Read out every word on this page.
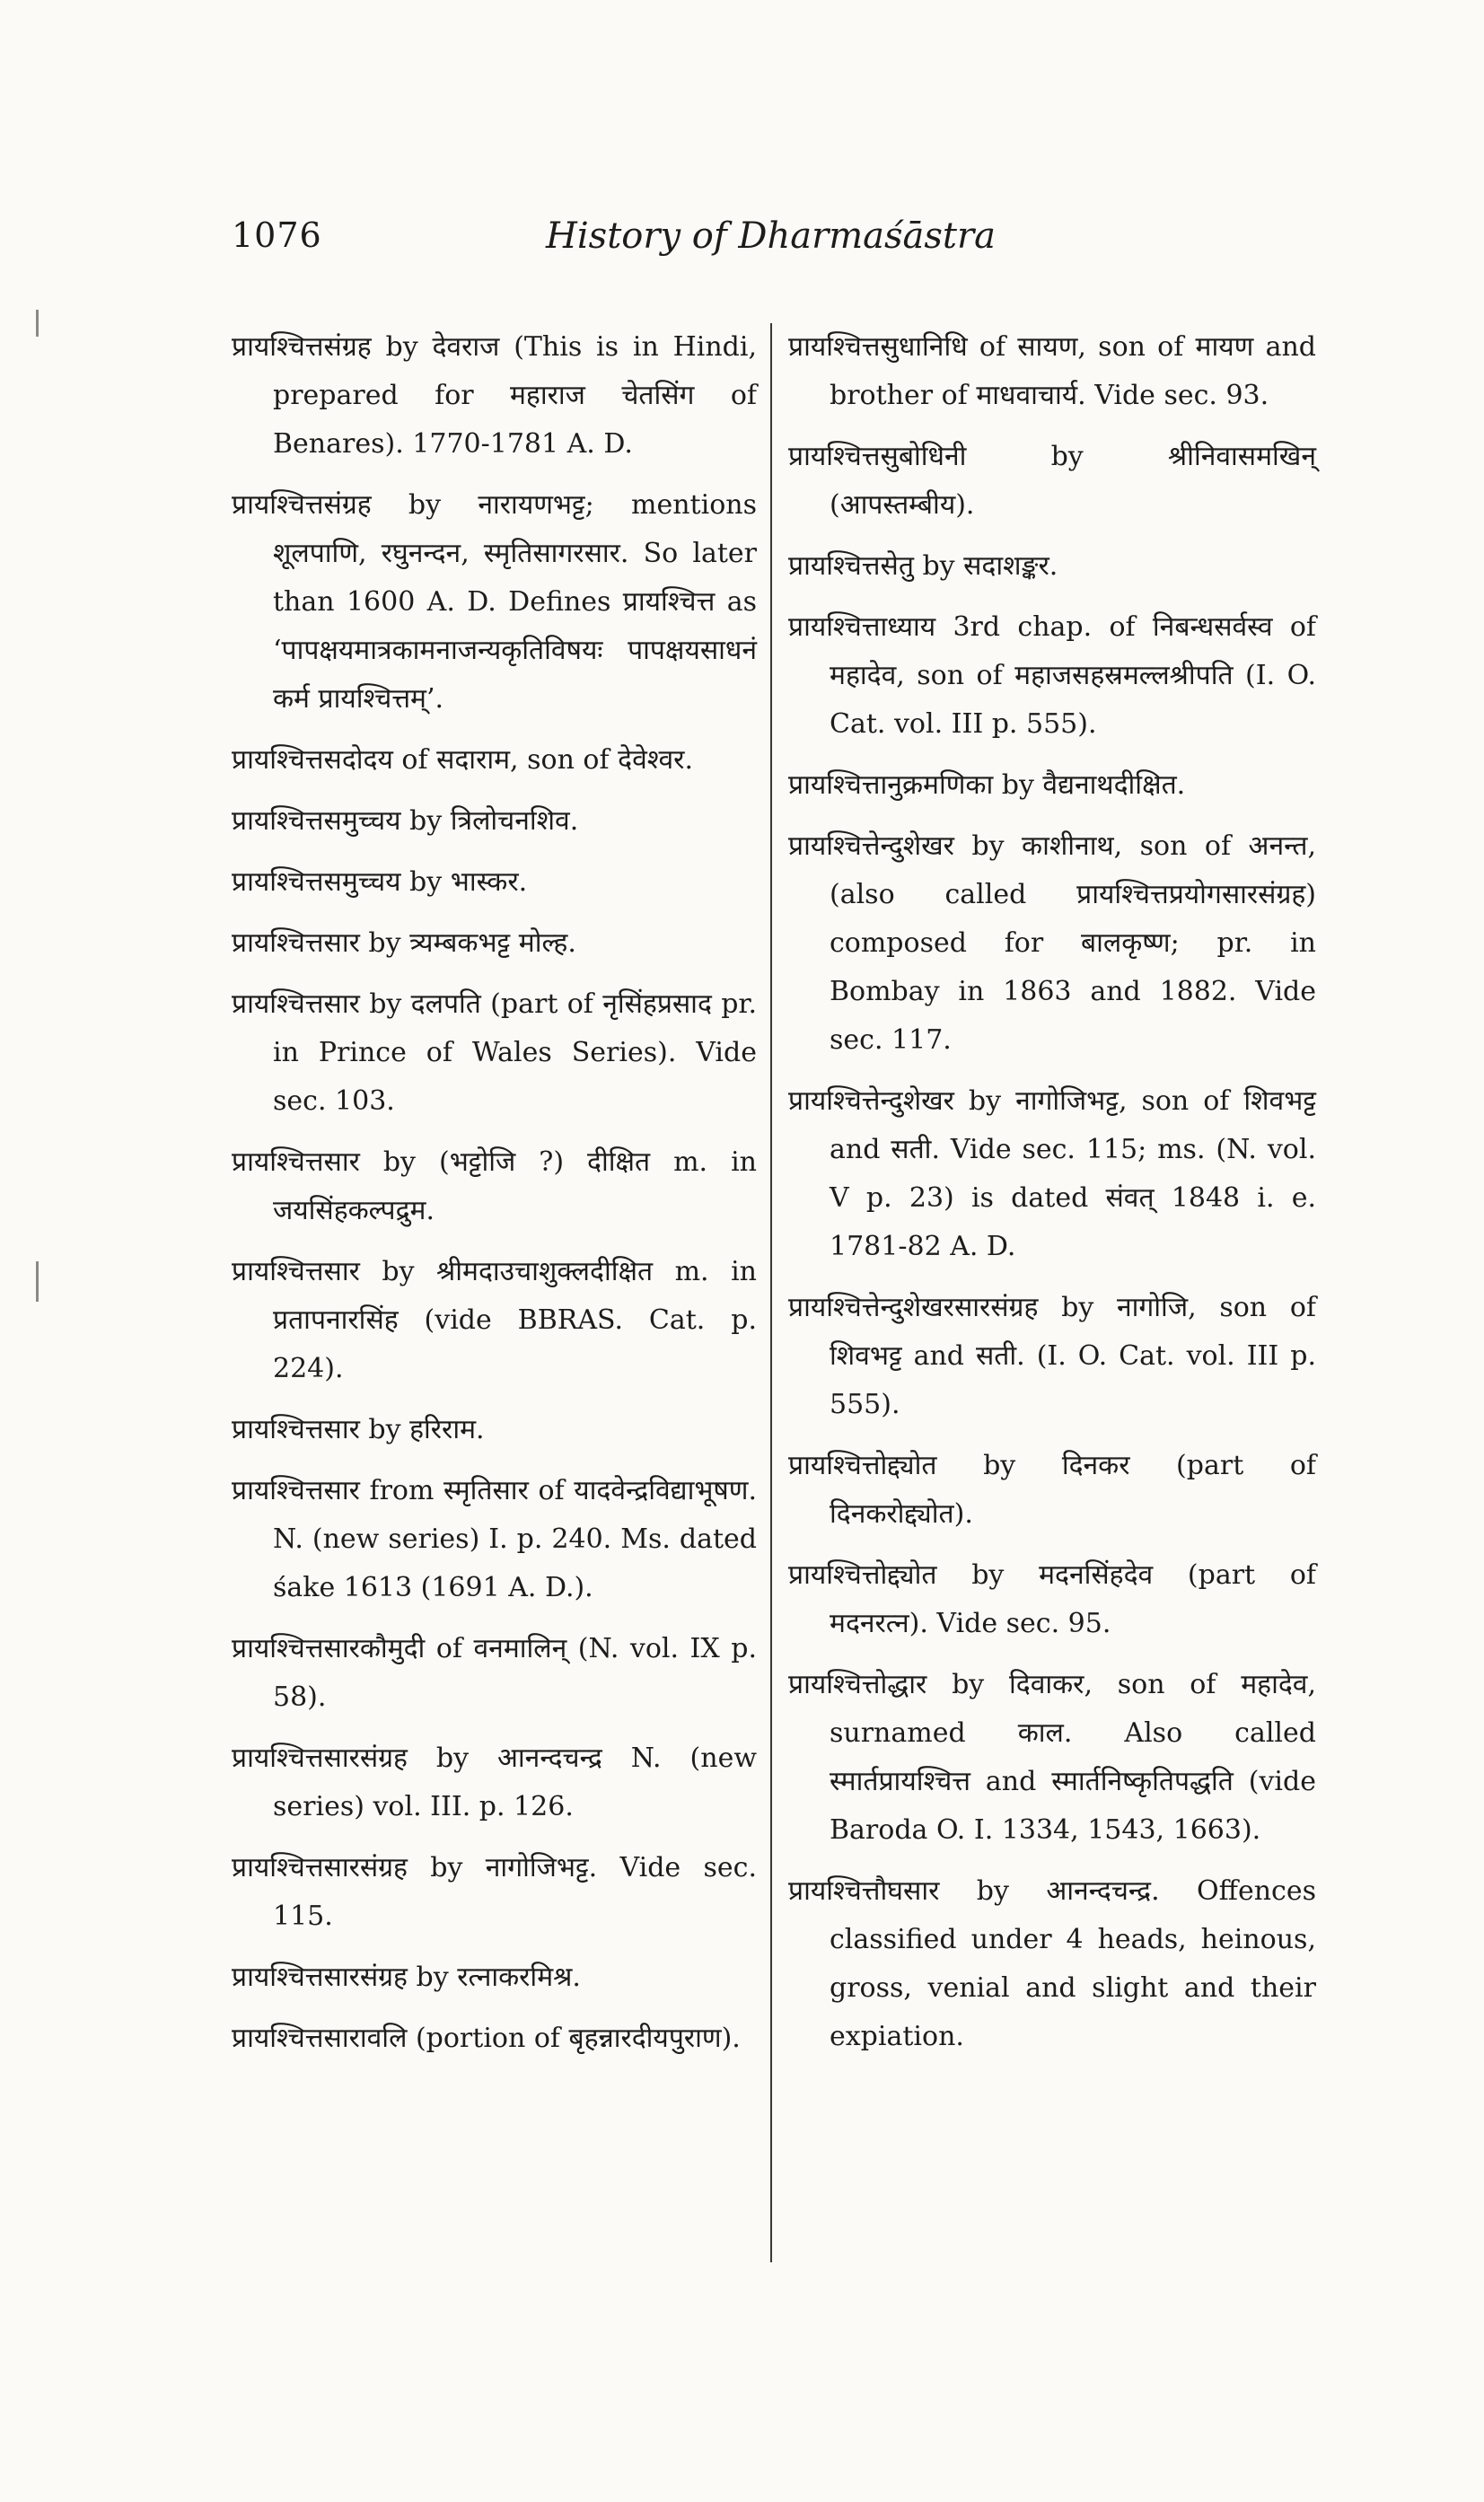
1076	History of Dharmaśāstra

प्रायश्चित्तसंग्रह by देवराज (This is in Hindi, prepared for महाराज चेतसिंग of Benares). 1770-1781 A. D.

प्रायश्चित्तसंग्रह by नारायणभट्ट; mentions शूलपाणि, रघुनन्दन, स्मृतिसागरसार. So later than 1600 A. D. Defines प्रायश्चित्त as ‘पापक्षयमात्रकामनाजन्यकृतिविषयः पापक्षयसाधनं कर्म प्रायश्चित्तम्’.

प्रायश्चित्तसदोदय of सदाराम, son of देवेश्वर.

प्रायश्चित्तसमुच्चय by त्रिलोचनशिव.

प्रायश्चित्तसमुच्चय by भास्कर.

प्रायश्चित्तसार by त्र्यम्बकभट्ट मोल्ह.

प्रायश्चित्तसार by दलपति (part of नृसिंहप्रसाद pr. in Prince of Wales Series). Vide sec. 103.

प्रायश्चित्तसार by (भट्टोजि ?) दीक्षित m. in जयसिंहकल्पद्रुम.

प्रायश्चित्तसार by श्रीमदाउचाशुक्लदीक्षित m. in प्रतापनारसिंह (vide BBRAS. Cat. p. 224).

प्रायश्चित्तसार by हरिराम.

प्रायश्चित्तसार from स्मृतिसार of यादवेन्द्रविद्याभूषण. N. (new series) I. p. 240. Ms. dated śake 1613 (1691 A. D.).

प्रायश्चित्तसारकौमुदी of वनमालिन् (N. vol. IX p. 58).

प्रायश्चित्तसारसंग्रह by आनन्दचन्द्र N. (new series) vol. III. p. 126.

प्रायश्चित्तसारसंग्रह by नागोजिभट्ट. Vide sec. 115.

प्रायश्चित्तसारसंग्रह by रत्नाकरमिश्र.

प्रायश्चित्तसारावलि (portion of बृहन्नारदीयपुराण).

प्रायश्चित्तसुधानिधि of सायण, son of मायण and brother of माधवाचार्य. Vide sec. 93.

प्रायश्चित्तसुबोधिनी by श्रीनिवासमखिन् (आपस्तम्बीय).

प्रायश्चित्तसेतु by सदाशङ्कर.

प्रायश्चित्ताध्याय 3rd chap. of निबन्धसर्वस्व of महादेव, son of महाजसहस्रमल्लश्रीपति (I. O. Cat. vol. III p. 555).

प्रायश्चित्तानुक्रमणिका by वैद्यनाथदीक्षित.

प्रायश्चित्तेन्दुशेखर by काशीनाथ, son of अनन्त, (also called प्रायश्चित्तप्रयोगसारसंग्रह) composed for बालकृष्ण; pr. in Bombay in 1863 and 1882. Vide sec. 117.

प्रायश्चित्तेन्दुशेखर by नागोजिभट्ट, son of शिवभट्ट and सती. Vide sec. 115; ms. (N. vol. V p. 23) is dated संवत् 1848 i. e. 1781-82 A. D.

प्रायश्चित्तेन्दुशेखरसारसंग्रह by नागोजि, son of शिवभट्ट and सती. (I. O. Cat. vol. III p. 555).

प्रायश्चित्तोद्द्योत by दिनकर (part of दिनकरोद्द्योत).

प्रायश्चित्तोद्द्योत by मदनसिंहदेव (part of मदनरत्न). Vide sec. 95.

प्रायश्चित्तोद्धार by दिवाकर, son of महादेव, surnamed काल. Also called स्मार्तप्रायश्चित्त and स्मार्तनिष्कृतिपद्धति (vide Baroda O. I. 1334, 1543, 1663).

प्रायश्चित्तौघसार by आनन्दचन्द्र. Offences classified under 4 heads, heinous, gross, venial and slight and their expiation.
